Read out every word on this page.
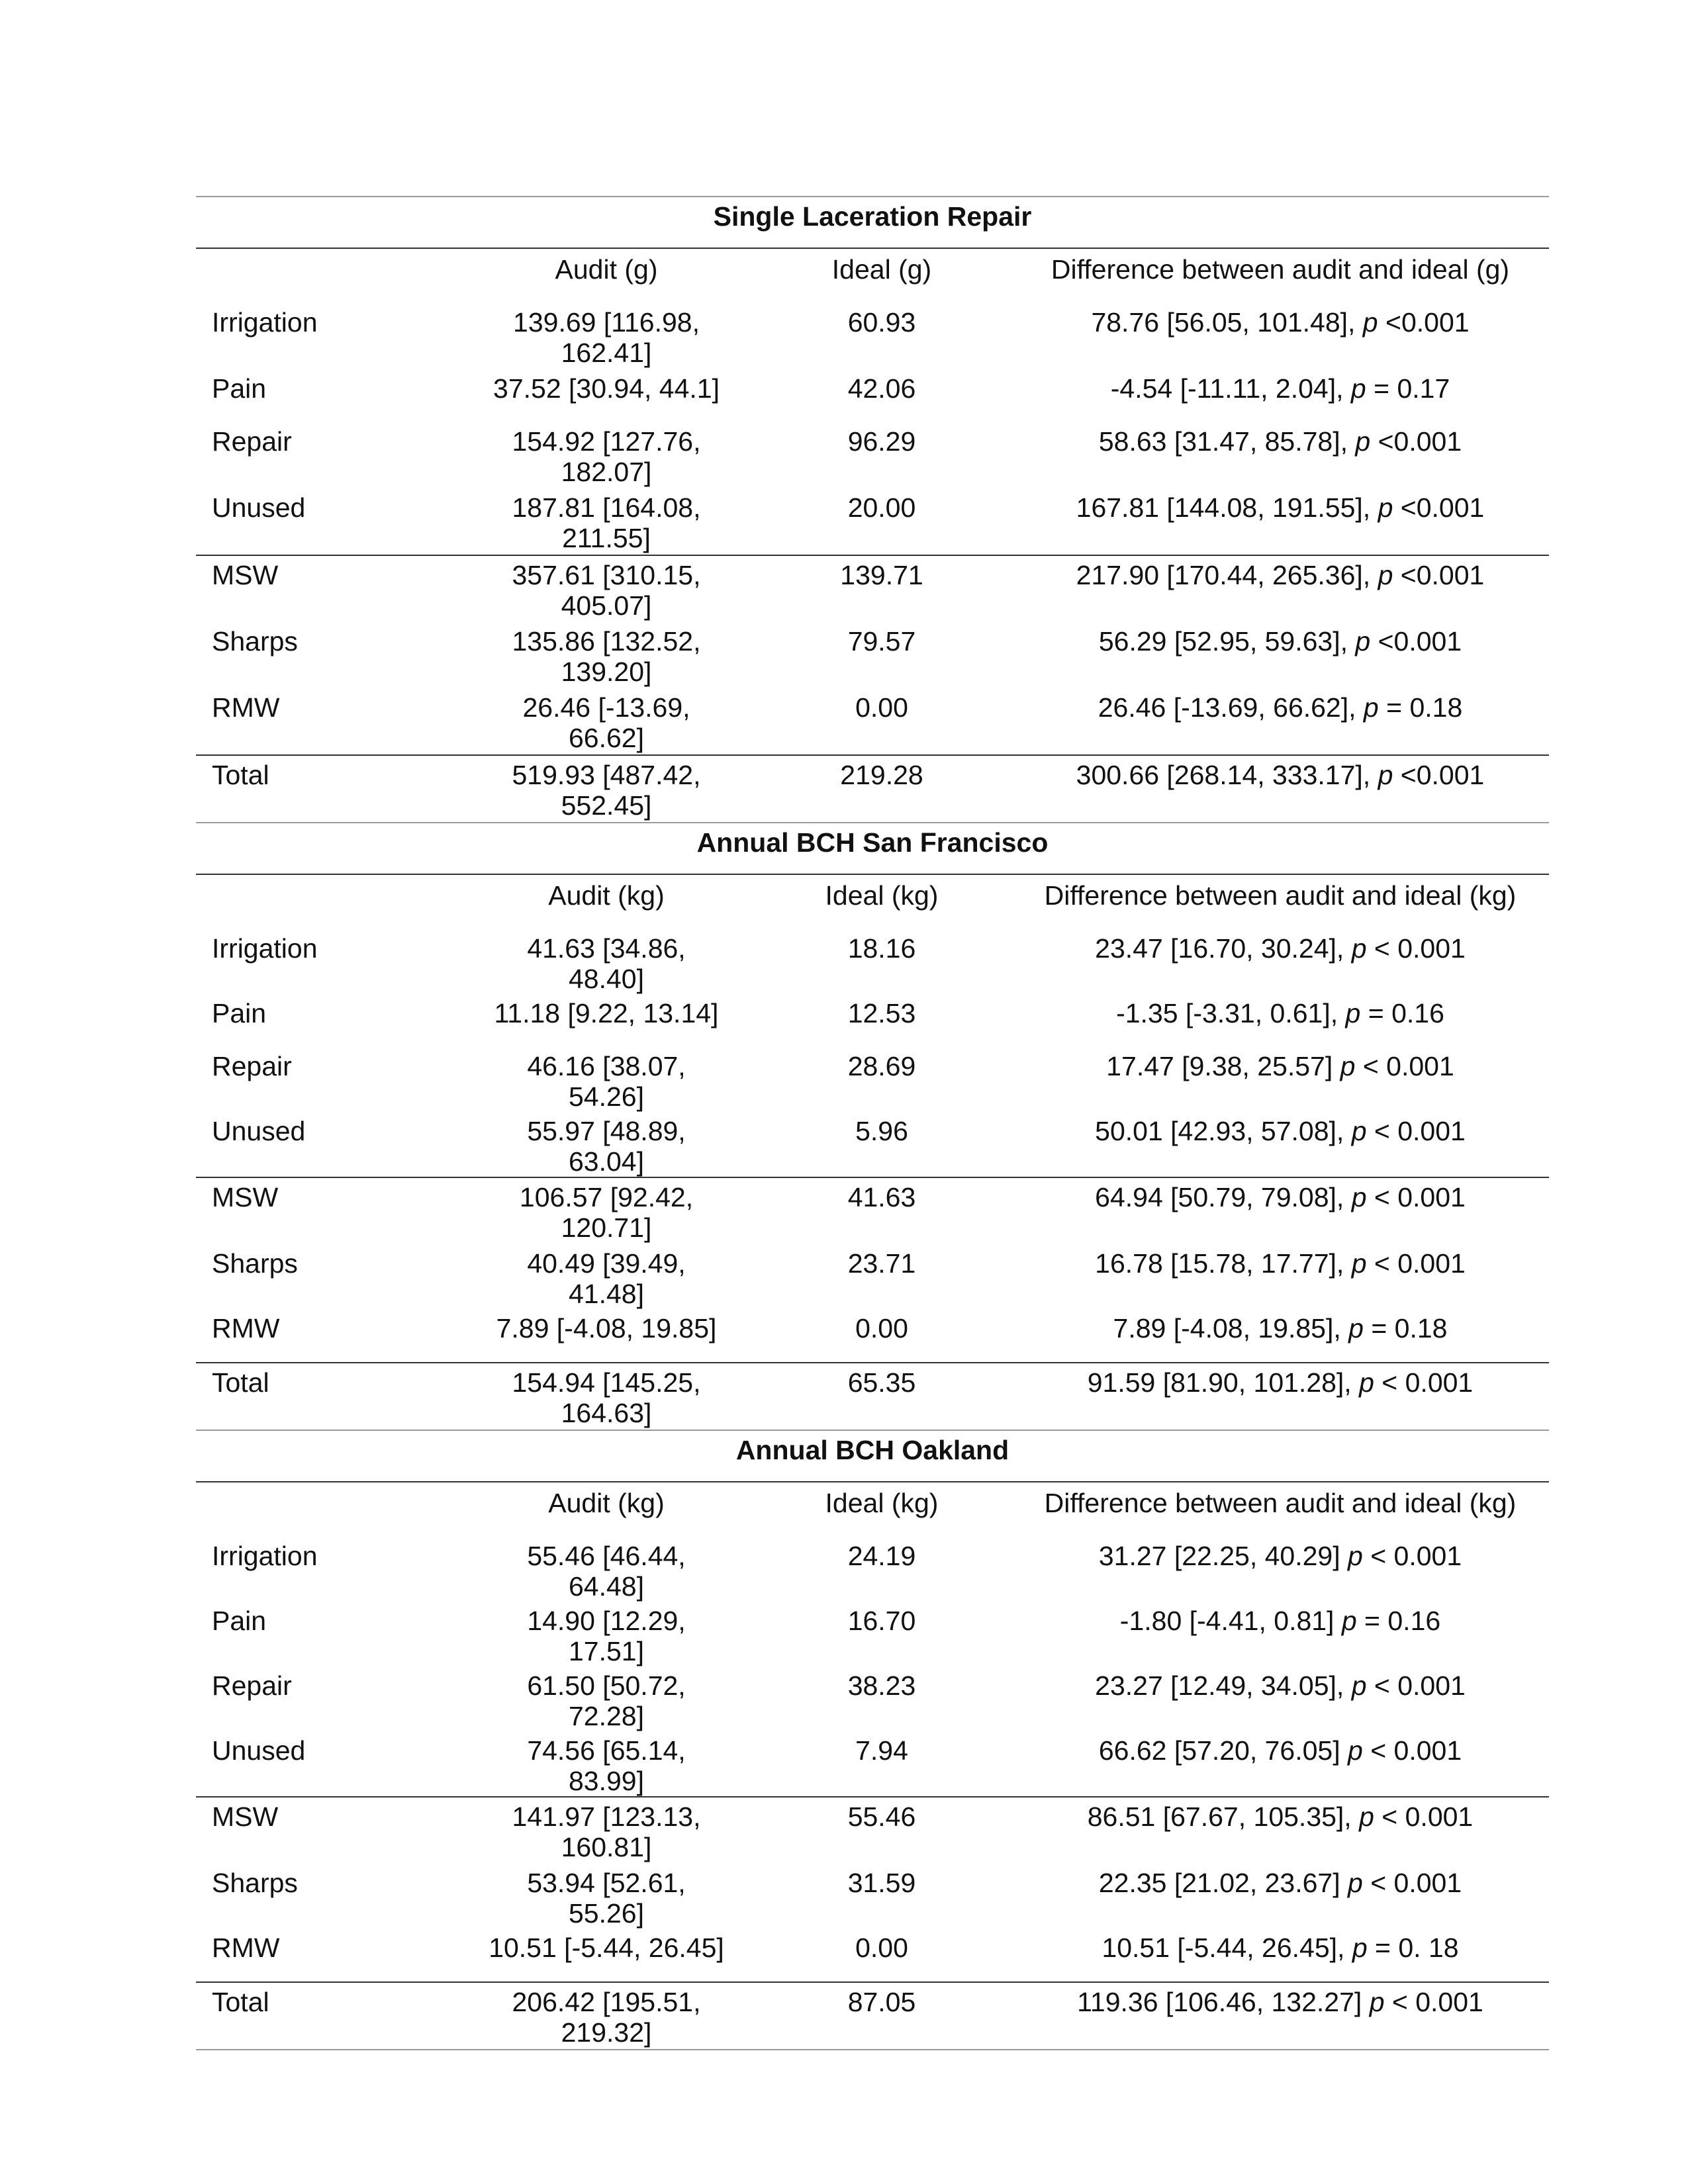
Single Laceration Repair			
	Audit (g)	Ideal (g)	Difference between audit and ideal (g)
Irrigation	139.69 [116.98, 162.41]	60.93	78.76 [56.05, 101.48], p <0.001
Pain	37.52 [30.94, 44.1]	42.06	-4.54 [-11.11, 2.04], p = 0.17
Repair	154.92 [127.76, 182.07]	96.29	58.63 [31.47, 85.78], p <0.001
Unused	187.81 [164.08, 211.55]	20.00	167.81 [144.08, 191.55], p <0.001
MSW	357.61 [310.15, 405.07]	139.71	217.90 [170.44, 265.36], p <0.001
Sharps	135.86 [132.52, 139.20]	79.57	56.29 [52.95, 59.63], p <0.001
RMW	26.46 [-13.69, 66.62]	0.00	26.46 [-13.69, 66.62], p = 0.18
Total	519.93 [487.42, 552.45]	219.28	300.66 [268.14, 333.17], p <0.001
Annual BCH San Francisco			
	Audit (kg)	Ideal (kg)	Difference between audit and ideal (kg)
Irrigation	41.63 [34.86, 48.40]	18.16	23.47 [16.70, 30.24], p < 0.001
Pain	11.18 [9.22, 13.14]	12.53	-1.35 [-3.31, 0.61], p = 0.16
Repair	46.16 [38.07, 54.26]	28.69	17.47 [9.38, 25.57] p < 0.001
Unused	55.97 [48.89, 63.04]	5.96	50.01 [42.93, 57.08], p < 0.001
MSW	106.57 [92.42, 120.71]	41.63	64.94 [50.79, 79.08], p < 0.001
Sharps	40.49 [39.49, 41.48]	23.71	16.78 [15.78, 17.77], p < 0.001
RMW	7.89 [-4.08, 19.85]	0.00	7.89 [-4.08, 19.85], p = 0.18
Total	154.94 [145.25, 164.63]	65.35	91.59 [81.90, 101.28], p < 0.001
Annual BCH Oakland			
	Audit (kg)	Ideal (kg)	Difference between audit and ideal (kg)
Irrigation	55.46 [46.44, 64.48]	24.19	31.27 [22.25, 40.29] p < 0.001
Pain	14.90 [12.29, 17.51]	16.70	-1.80 [-4.41, 0.81] p = 0.16
Repair	61.50 [50.72, 72.28]	38.23	23.27 [12.49, 34.05], p < 0.001
Unused	74.56 [65.14, 83.99]	7.94	66.62 [57.20, 76.05] p < 0.001
MSW	141.97 [123.13, 160.81]	55.46	86.51 [67.67, 105.35], p < 0.001
Sharps	53.94 [52.61, 55.26]	31.59	22.35 [21.02, 23.67] p < 0.001
RMW	10.51 [-5.44, 26.45]	0.00	10.51 [-5.44, 26.45], p = 0. 18
Total	206.42 [195.51, 219.32]	87.05	119.36 [106.46, 132.27] p < 0.001
